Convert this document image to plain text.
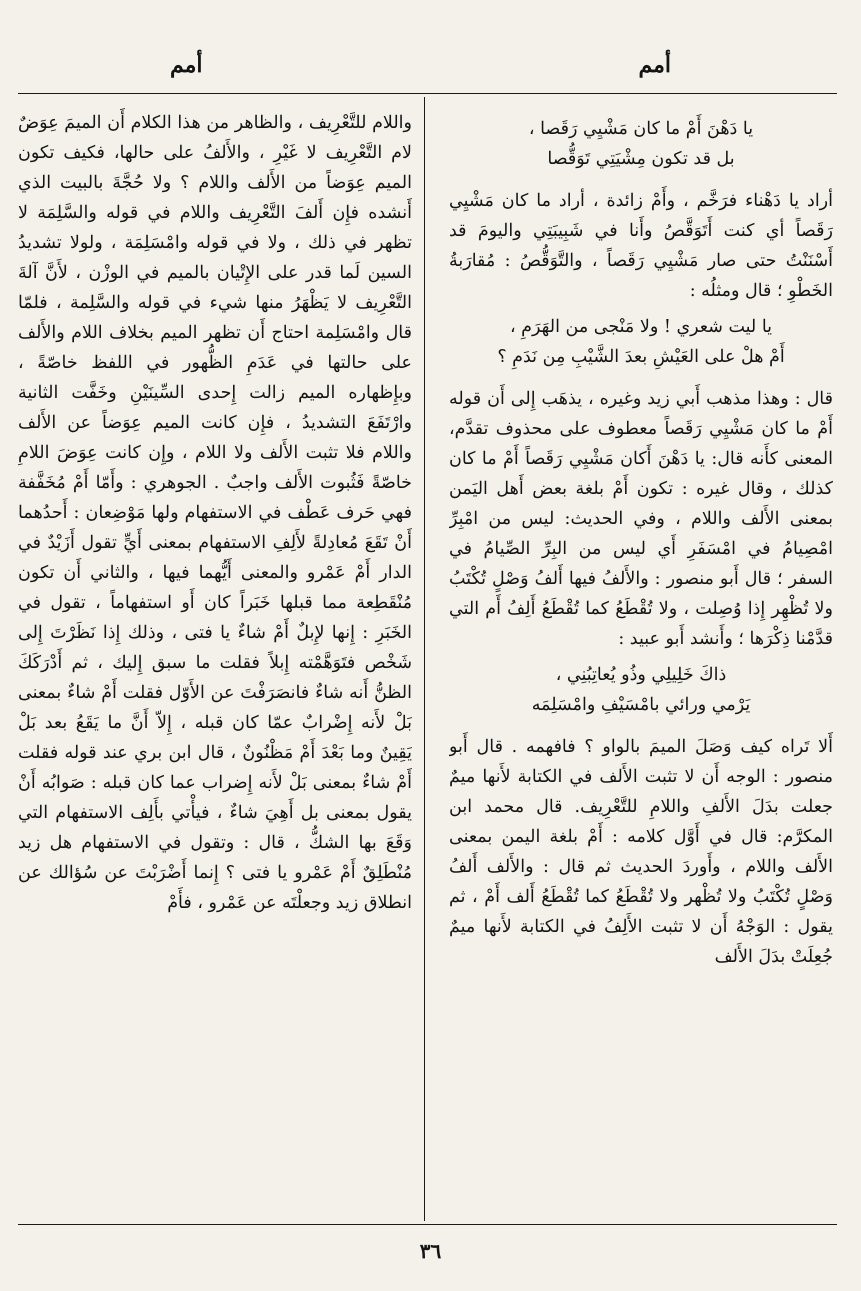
أمم
أمم
يا دَهْنَ أَمْ ما كان مَشْيِي رَقَصا ،
بل قد تكون مِشْيَتِي تَوَقُّصا

أراد يا دَهْناء فرَخَّم ، وأَمْ زائدة ، أراد ما كان مَشْيِي رَقَصاً أي كنت أَتَوَقَّصُ وأَنا في شَبِيبَتِي واليومَ قد أَسْنَنْتُ حتى صار مَشْيِي رَقَصاً ، والتَّوَقُّصُ : مُقارَبةُ الخَطْوِ ؛ قال ومثلُه :

يا ليت شعري ! ولا مَنْجى من الهَرَمِ ،
أَمْ هلْ على العَيْشِ بعدَ الشَّيْبِ مِن نَدَمِ ؟

قال : وهذا مذهب أَبي زيد وغيره ، يذهَب إِلى أَن قوله أَمْ ما كان مَشْيِي رَقَصاً معطوف على محذوف تقدَّم، المعنى كأَنه قال: يا دَهْنَ أَكان مَشْيِي رَقَصاً أَمْ ما كان كذلك ، وقال غيره : تكون أَمْ بلغة بعض أَهل اليَمن بمعنى الأَلف واللام ، وفي الحديث: ليس من امْبِرِّ امْصِيامُ في امْسَفَرِ أَي ليس من البِرِّ الصِّيامُ في السفر ؛ قال أَبو منصور : والأَلفُ فيها أَلفُ وَصْلٍ تُكْتَبُ ولا تُظْهِر إِذا وُصِلت ، ولا تُقْطَعُ كما تُقْطَعُ أَلِفُ أَم التي قدَّمْنا ذِكْرَها ؛ وأَنشد أَبو عبيد :

ذاكَ خَلِيلِي وذُو يُعاتِبُنِي ،
يَرْمي ورائي بامْسَيْفِ وامْسَلِمَه

أَلا تَراه كيف وَصَلَ الميمَ بالواو ؟ فافهمه . قال أَبو منصور : الوجه أَن لا تثبت الأَلف في الكتابة لأَنها ميمٌ جعلت بدَلَ الأَلفِ واللامِ للتَّعْرِيف. قال محمد ابن المكرَّم: قال في أَوَّل كلامه : أَمْ بلغة اليمن بمعنى الأَلف واللام ، وأَوردَ الحديث ثم قال : والأَلف أَلفُ وَصْلٍ تُكْتَبُ ولا تُظْهر ولا تُقْطَعُ كما تُقْطَعُ أَلف أَمْ ، ثم يقول : الوَجْهُ أَن لا تثبت الأَلِفُ في الكتابة لأَنها ميمٌ جُعِلَتْ بدَلَ الأَلف

واللام للتَّعْرِيف ، والظاهر من هذا الكلام أَن الميمَ عِوَضٌ لام التَّعْرِيف لا غَيْرِ ، والأَلفُ على حالها، فكيف تكون الميم عِوَضاً من الأَلف واللام ؟ ولا حُجَّةَ بالبيت الذي أَنشده فإِن أَلفَ التَّعْرِيف واللام في قوله والسَّلِمَة لا تظهر في ذلك ، ولا في قوله وامْسَلِمَة ، ولولا تشديدُ السين لَما قدر على الإِتْيان بالميم في الوزْن ، لأَنَّ آلةَ التَّعْرِيف لا يَظْهَرُ منها شيء في قوله والسَّلِمة ، فلمّا قال وامْسَلِمة احتاج أَن تظهر الميم بخلاف اللام والأَلف على حالتها في عَدَمِ الظُّهور في اللفظ خاصّةً ، وبإِظهاره الميم زالت إِحدى السِّينَيْنِ وخَفَّت الثانية وارْتَفَعَ التشديدُ ، فإِن كانت الميم عِوَضاً عن الأَلف واللام فلا تثبت الأَلف ولا اللام ، وإِن كانت عِوَضَ اللامِ خاصّةً فَثُبوت الأَلف واجبٌ . الجوهري : وأَمّا أَمْ مُخَفَّفة فهي حَرف عَطْف في الاستفهام ولها مَوْضِعان : أَحدُهما أَنْ تَقَعَ مُعادِلةً لأَلِفِ الاستفهام بمعنى أَيٍّ تقول أَزَيْدٌ في الدار أَمْ عَمْرو والمعنى أَيُّهما فيها ، والثاني أَن تكون مُنْقَطِعة مما قبلها خَبَراً كان أَو استفهاماً ، تقول في الخَبَرِ : إِنها لإِبلٌ أَمْ شاءٌ يا فتى ، وذلك إِذا نَظَرْتَ إِلى شَخْص فتَوَهَّمْته إِبلاً فقلت ما سبق إِليك ، ثم أَدْرَكَكَ الظنُّ أَنه شاءٌ فانصَرَفْتَ عن الأَوّل فقلت أَمْ شاءٌ بمعنى بَلْ لأَنه إِضْرابٌ عمّا كان قبله ، إِلاّ أَنَّ ما يَقَعُ بعد بَلْ يَقِينٌ وما بَعْدَ أَمْ مَظْنُونٌ ، قال ابن بري عند قوله فقلت أَمْ شاءٌ بمعنى بَلْ لأَنه إِضراب عما كان قبله : صَوابُه أَنْ يقول بمعنى بل أَهِيَ شاءٌ ، فيأْتي بأَلِف الاستفهام التي وَقَعَ بها الشكُّ ، قال : وتقول في الاستفهام هل زيد مُنْطَلِقٌ أَمْ عَمْرو يا فتى ؟ إِنما أَضْرَبْتَ عن سُؤالك عن انطلاق زيد وجعلْتَه عن عَمْرو ، فأَمْ

٣٦
